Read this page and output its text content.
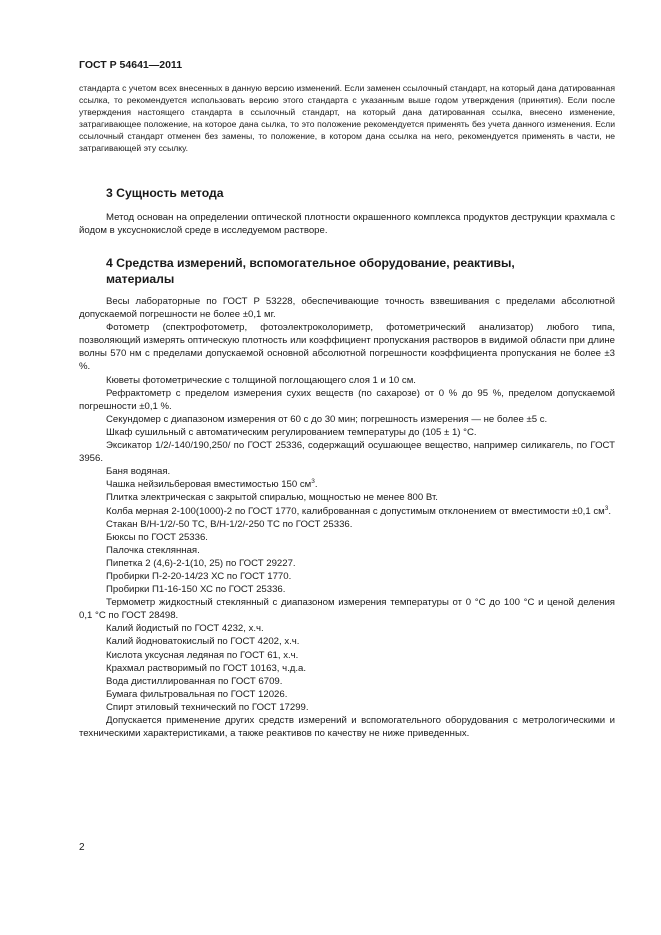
ГОСТ Р 54641—2011

стандарта с учетом всех внесенных в данную версию изменений. Если заменен ссылочный стандарт, на который дана датированная ссылка, то рекомендуется использовать версию этого стандарта с указанным выше годом утверждения (принятия). Если после утверждения настоящего стандарта в ссылочный стандарт, на который дана датированная ссылка, внесено изменение, затрагивающее положение, на которое дана сылка, то это положение рекомендуется применять без учета данного изменения. Если ссылочный стандарт отменен без замены, то положение, в котором дана ссылка на него, рекомендуется применять в части, не затрагивающей эту ссылку.

3 Сущность метода

Метод основан на определении оптической плотности окрашенного комплекса продуктов деструкции крахмала с йодом в уксуснокислой среде в исследуемом растворе.

4 Средства измерений, вспомогательное оборудование, реактивы, материалы

Весы лабораторные по ГОСТ Р 53228, обеспечивающие точность взвешивания с пределами абсолютной допускаемой погрешности не более ±0,1 мг.

Фотометр (спектрофотометр, фотоэлектроколориметр, фотометрический анализатор) любого типа, позволяющий измерять оптическую плотность или коэффициент пропускания растворов в видимой области при длине волны 570 нм с пределами допускаемой основной абсолютной погрешности коэффициента пропускания не более ±3 %.

Кюветы фотометрические с толщиной поглощающего слоя 1 и 10 см.

Рефрактометр с пределом измерения сухих веществ (по сахарозе) от 0 % до 95 %, пределом допускаемой погрешности ±0,1 %.

Секундомер с диапазоном измерения от 60 с до 30 мин; погрешность измерения — не более ±5 с.

Шкаф сушильный с автоматическим регулированием температуры до (105 ± 1) °С.

Эксикатор 1/2/-140/190,250/ по ГОСТ 25336, содержащий осушающее вещество, например силикагель, по ГОСТ 3956.

Баня водяная.

Чашка нейзильберовая вместимостью 150 $см^3$.

Плитка электрическая с закрытой спиралью, мощностью не менее 800 Вт.

Колба мерная 2-100(1000)-2 по ГОСТ 1770, калиброванная с допустимым отклонением от вместимости ±0,1 $см^3$.

Стакан В/Н-1/2/-50 ТС, В/Н-1/2/-250 ТС по ГОСТ 25336.

Бюксы по ГОСТ 25336.

Палочка стеклянная.

Пипетка 2 (4,6)-2-1(10, 25) по ГОСТ 29227.

Пробирки П-2-20-14/23 ХС по ГОСТ 1770.

Пробирки П1-16-150 ХС по ГОСТ 25336.

Термометр жидкостный стеклянный с диапазоном измерения температуры от 0 °С до 100 °С и ценой деления 0,1 °С по ГОСТ 28498.

Калий йодистый по ГОСТ 4232, х.ч.

Калий йодноватокислый по ГОСТ 4202, х.ч.

Кислота уксусная ледяная по ГОСТ 61, х.ч.

Крахмал растворимый по ГОСТ 10163, ч.д.а.

Вода дистиллированная по ГОСТ 6709.

Бумага фильтровальная по ГОСТ 12026.

Спирт этиловый технический по ГОСТ 17299.

Допускается применение других средств измерений и вспомогательного оборудования с метрологическими и техническими характеристиками, а также реактивов по качеству не ниже приведенных.

2
